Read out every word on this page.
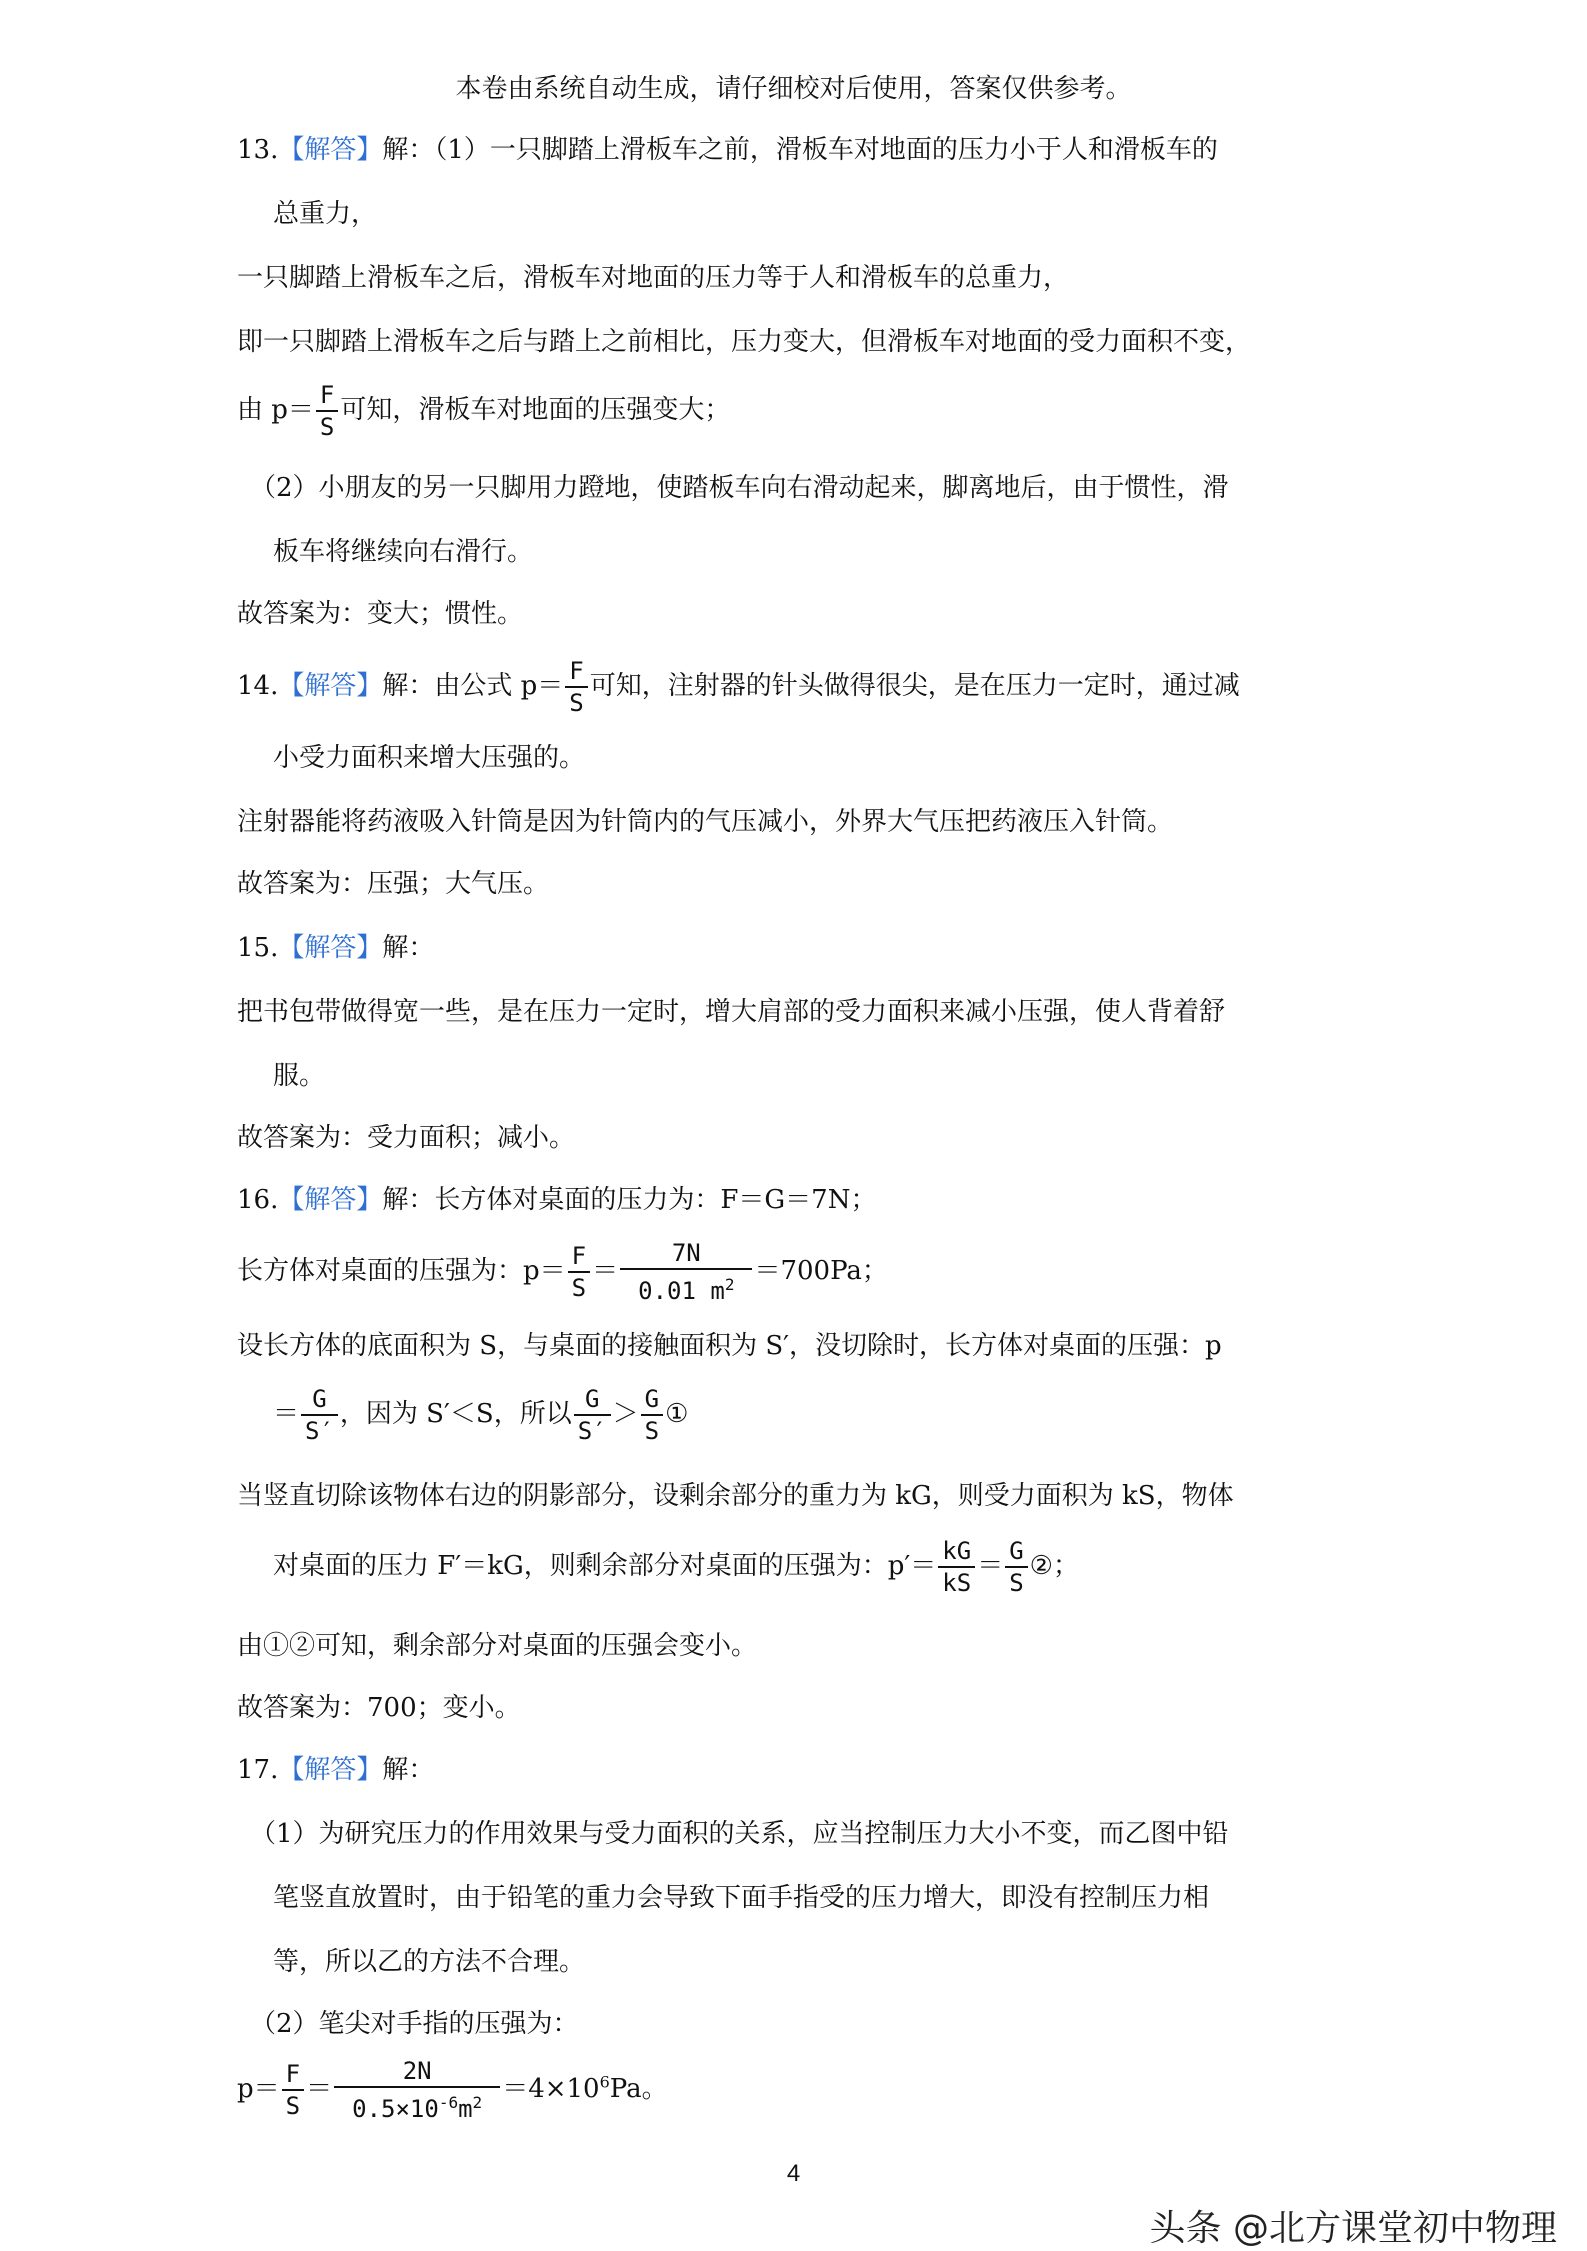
本卷由系统自动生成，请仔细校对后使用，答案仅供参考。
13.【解答】解：（1）一只脚踏上滑板车之前，滑板车对地面的压力小于人和滑板车的
总重力，
一只脚踏上滑板车之后，滑板车对地面的压力等于人和滑板车的总重力，
即一只脚踏上滑板车之后与踏上之前相比，压力变大，但滑板车对地面的受力面积不变，
由 $p= \frac{F}{S}$ 可知，滑板车对地面的压强变大；
（2）小朋友的另一只脚用力蹬地，使踏板车向右滑动起来，脚离地后，由于惯性，滑
板车将继续向右滑行。
故答案为：变大；惯性。
14.【解答】解：由公式 $p= \frac{F}{S}$ 可知，注射器的针头做得很尖，是在压力一定时，通过减
小受力面积来增大压强的。
注射器能将药液吸入针筒是因为针筒内的气压减小，外界大气压把药液压入针筒。
故答案为：压强；大气压。
15.【解答】解：
把书包带做得宽一些，是在压力一定时，增大肩部的受力面积来减小压强，使人背着舒
服。
故答案为：受力面积；减小。
16.【解答】解：长方体对桌面的压力为：F＝G＝7N；
长方体对桌面的压强为：$p= \frac{F}{S} = \frac{7N}{0.01 m^2} =700Pa$；
设长方体的底面积为 S，与桌面的接触面积为 S′，没切除时，长方体对桌面的压强：p
＝ $\frac{G}{S'}$ ，因为 S′＜S，所以 $\frac{G}{S'} > \frac{G}{S}$ ①
当竖直切除该物体右边的阴影部分，设剩余部分的重力为 kG，则受力面积为 kS，物体
对桌面的压力 F′＝kG，则剩余部分对桌面的压强为：$p'= \frac{kG}{kS} = \frac{G}{S}$ ②；
由①②可知，剩余部分对桌面的压强会变小。
故答案为：700；变小。
17.【解答】解：
（1）为研究压力的作用效果与受力面积的关系，应当控制压力大小不变，而乙图中铅
笔竖直放置时，由于铅笔的重力会导致下面手指受的压力增大，即没有控制压力相
等，所以乙的方法不合理。
（2）笔尖对手指的压强为：
$p= \frac{F}{S} = \frac{2N}{0.5\times 10^{-6}m^2} =4\times 10^6Pa$。
4
头条 @北方课堂初中物理
